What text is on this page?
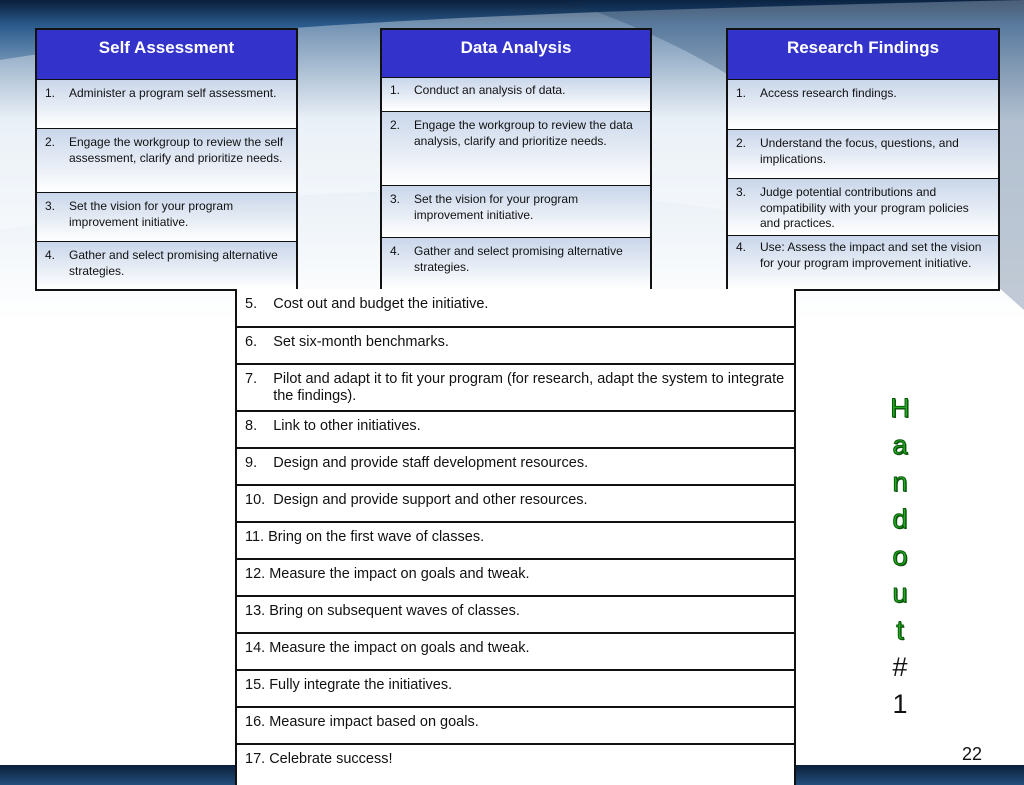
Self Assessment
1.	Administer a program self assessment.
2.	Engage the workgroup to review the self assessment, clarify and prioritize needs.
3.	Set the vision for your program improvement initiative.
4.	Gather and select promising alternative strategies.
Data Analysis
1.	Conduct an analysis of data.
2.	Engage the workgroup to review the data analysis, clarify and prioritize needs.
3.	Set the vision for your program improvement initiative.
4.	Gather and select promising alternative strategies.
Research Findings
1.	Access research findings.
2.	Understand the focus, questions, and implications.
3.	Judge potential contributions and compatibility with your program policies and practices.
4.	Use: Assess the impact and set the vision for your program improvement initiative.
5. Cost out and budget the initiative.
6. Set six-month benchmarks.
7. Pilot and adapt it to fit your program (for research, adapt the system to integrate the findings).
8. Link to other initiatives.
9. Design and provide staff development resources.
10. Design and provide support and other resources.
11. Bring on the first wave of classes.
12. Measure the impact on goals and tweak.
13. Bring on subsequent waves of classes.
14. Measure the impact on goals and tweak.
15. Fully integrate the initiatives.
16. Measure impact based on goals.
17. Celebrate success!
H
a
n
d
o
u
t
#
1
22
